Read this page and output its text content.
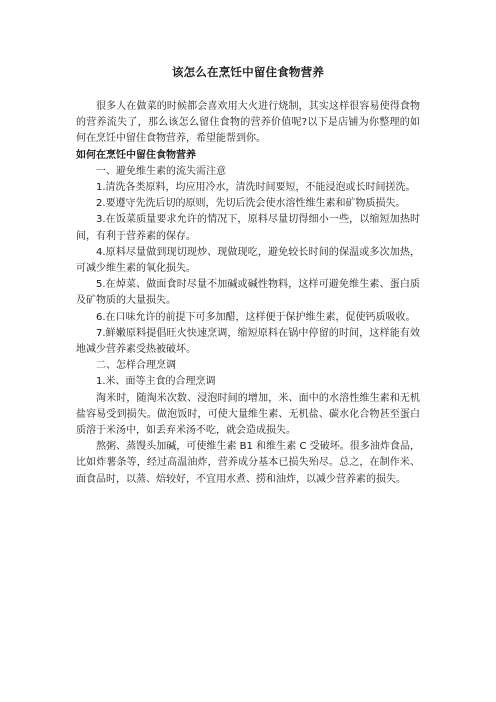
该怎么在烹饪中留住食物营养

很多人在做菜的时候都会喜欢用大火进行烧制，其实这样很容易使得食物的营养流失了，那么该怎么留住食物的营养价值呢?以下是店铺为你整理的如何在烹饪中留住食物营养，希望能帮到你。

如何在烹饪中留住食物营养

一、避免维生素的流失需注意

1.清洗各类原料，均应用冷水，清洗时间要短，不能浸泡或长时间搓洗。

2.要遵守先洗后切的原则，先切后洗会使水溶性维生素和矿物质损失。

3.在饭菜质量要求允许的情况下，原料尽量切得细小一些，以缩短加热时间，有利于营养素的保存。

4.原料尽量做到现切现炒、现做现吃，避免较长时间的保温或多次加热，可减少维生素的氧化损失。

5.在焯菜、做面食时尽量不加碱或碱性物料，这样可避免维生素、蛋白质及矿物质的大量损失。

6.在口味允许的前提下可多加醋，这样便于保护维生素，促使钙质吸收。

7.鲜嫩原料提倡旺火快速烹调，缩短原料在锅中停留的时间，这样能有效地减少营养素受热被破坏。

二、怎样合理烹调

1.米、面等主食的合理烹调

淘米时，随淘米次数、浸泡时间的增加，米、面中的水溶性维生素和无机盐容易受到损失。做泡饭时，可使大量维生素、无机盐、碳水化合物甚至蛋白质溶于米汤中，如丢弃米汤不吃，就会造成损失。

熬粥、蒸馒头加碱，可使维生素 B1 和维生素 C 受破坏。很多油炸食品，比如炸薯条等，经过高温油炸，营养成分基本已损失殆尽。总之，在制作米、面食品时，以蒸、焙较好，不宜用水煮、捞和油炸，以减少营养素的损失。
